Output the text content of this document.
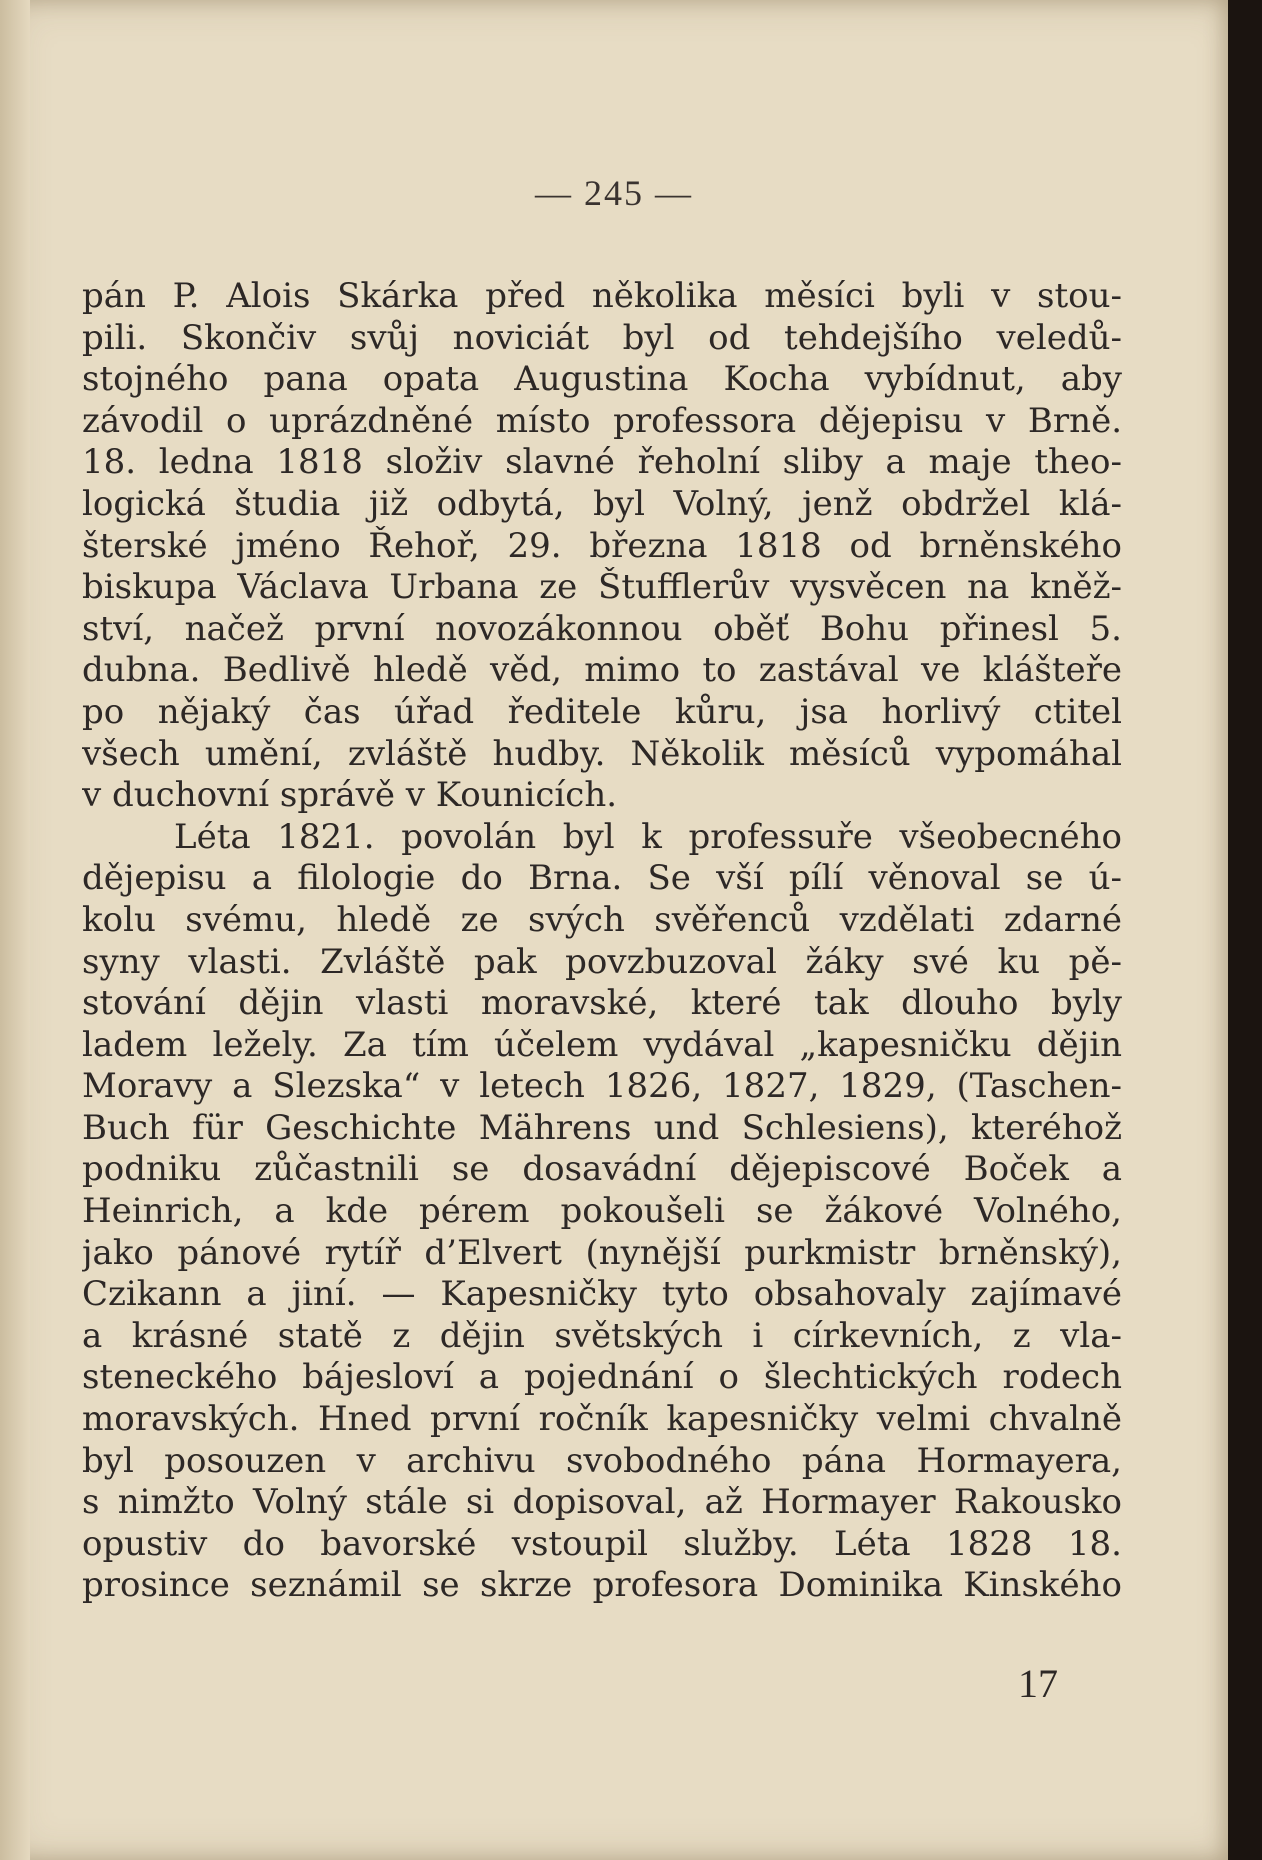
— 245 —
pán P. Alois Skárka před několika měsíci byli v stou-
pili. Skončiv svůj noviciát byl od tehdejšího veledů-
stojného pana opata Augustina Kocha vybídnut, aby
závodil o uprázdněné místo professora dějepisu v Brně.
18. ledna 1818 složiv slavné řeholní sliby a maje theo-
logická študia již odbytá, byl Volný, jenž obdržel klá-
šterské jméno Řehoř, 29. března 1818 od brněnského
biskupa Václava Urbana ze Štufflerův vysvěcen na kněž-
ství, načež první novozákonnou oběť Bohu přinesl 5.
dubna. Bedlivě hledě věd, mimo to zastával ve klášteře
po nějaký čas úřad ředitele kůru, jsa horlivý ctitel
všech umění, zvláště hudby. Několik měsíců vypomáhal
v duchovní správě v Kounicích.
Léta 1821. povolán byl k professuře všeobecného
dějepisu a filologie do Brna. Se vší pílí věnoval se ú-
kolu svému, hledě ze svých svěřenců vzdělati zdarné
syny vlasti. Zvláště pak povzbuzoval žáky své ku pě-
stování dějin vlasti moravské, které tak dlouho byly
ladem ležely. Za tím účelem vydával „kapesničku dějin
Moravy a Slezska“ v letech 1826, 1827, 1829, (Taschen-
Buch für Geschichte Mährens und Schlesiens), kteréhož
podniku zůčastnili se dosavádní dějepiscové Boček a
Heinrich, a kde pérem pokoušeli se žákové Volného,
jako pánové rytíř d’Elvert (nynější purkmistr brněnský),
Czikann a jiní. — Kapesničky tyto obsahovaly zajímavé
a krásné statě z dějin světských i církevních, z vla-
steneckého bájesloví a pojednání o šlechtických rodech
moravských. Hned první ročník kapesničky velmi chvalně
byl posouzen v archivu svobodného pána Hormayera,
s nimžto Volný stále si dopisoval, až Hormayer Rakousko
opustiv do bavorské vstoupil služby. Léta 1828 18.
prosince seznámil se skrze profesora Dominika Kinského
17
